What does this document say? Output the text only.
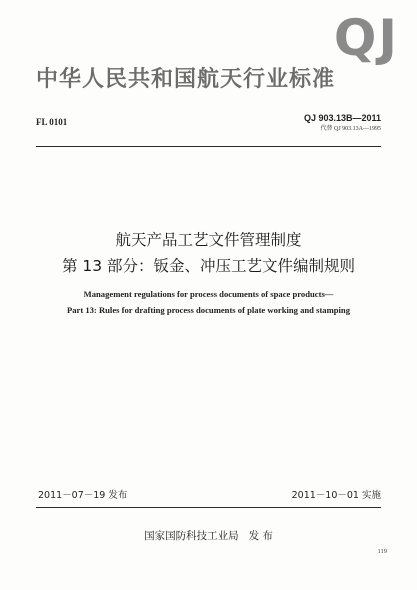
QJ
中华人民共和国航天行业标准
FL 0101	QJ 903.13B—2011
代替 QJ 903.13A—1995
航天产品工艺文件管理制度
第 13 部分：钣金、冲压工艺文件编制规则
Management regulations for process documents of space products—
Part 13: Rules for drafting process documents of plate working and stamping
2011－07－19 发布	2011－10－01 实施
国家国防科技工业局 发 布
119
